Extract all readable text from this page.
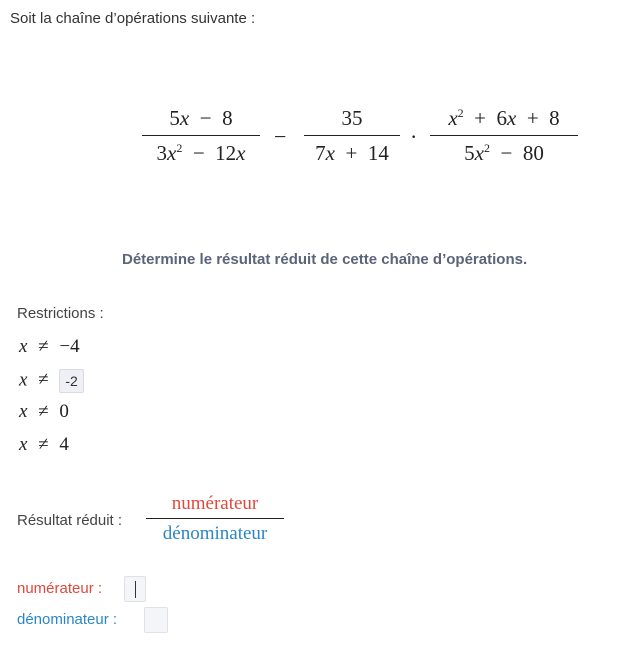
Soit la chaîne d’opérations suivante :
5x − 8
$3x^2 - 12x$
−
35
7x + 14
·
$x^2 + 6x + 8$
$5x^2 - 80$
Détermine le résultat réduit de cette chaîne d’opérations.
Restrictions :
x ≠ −4
x ≠ -2
x ≠ 0
x ≠ 4
Résultat réduit :
numérateur
dénominateur
numérateur :
dénominateur :
